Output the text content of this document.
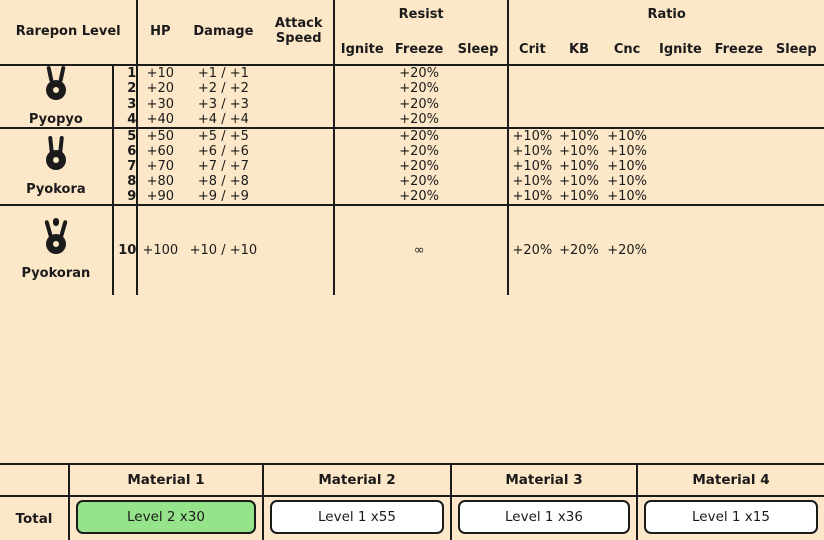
Rarepon Level		HP	Damage	Attack
Speed	Resist			Ratio					
					Ignite	Freeze	Sleep	Crit	KB	Cnc	Ignite	Freeze	Sleep

Pyopyo	1	+10	+1 / +1			+20%							
	2	+20	+2 / +2			+20%							
	3	+30	+3 / +3			+20%							
	4	+40	+4 / +4			+20%							

Pyokora	5	+50	+5 / +5			+20%		+10%	+10%	+10%			
	6	+60	+6 / +6			+20%		+10%	+10%	+10%			
	7	+70	+7 / +7			+20%		+10%	+10%	+10%			
	8	+80	+8 / +8			+20%		+10%	+10%	+10%			
	9	+90	+9 / +9			+20%		+10%	+10%	+10%			

Pyokoran	10	+100	+10 / +10			∞		+20%	+20%	+20%			
	Material 1	Material 2	Material 3	Material 4
Total	Level 2 x30	Level 1 x55	Level 1 x36	Level 1 x15
